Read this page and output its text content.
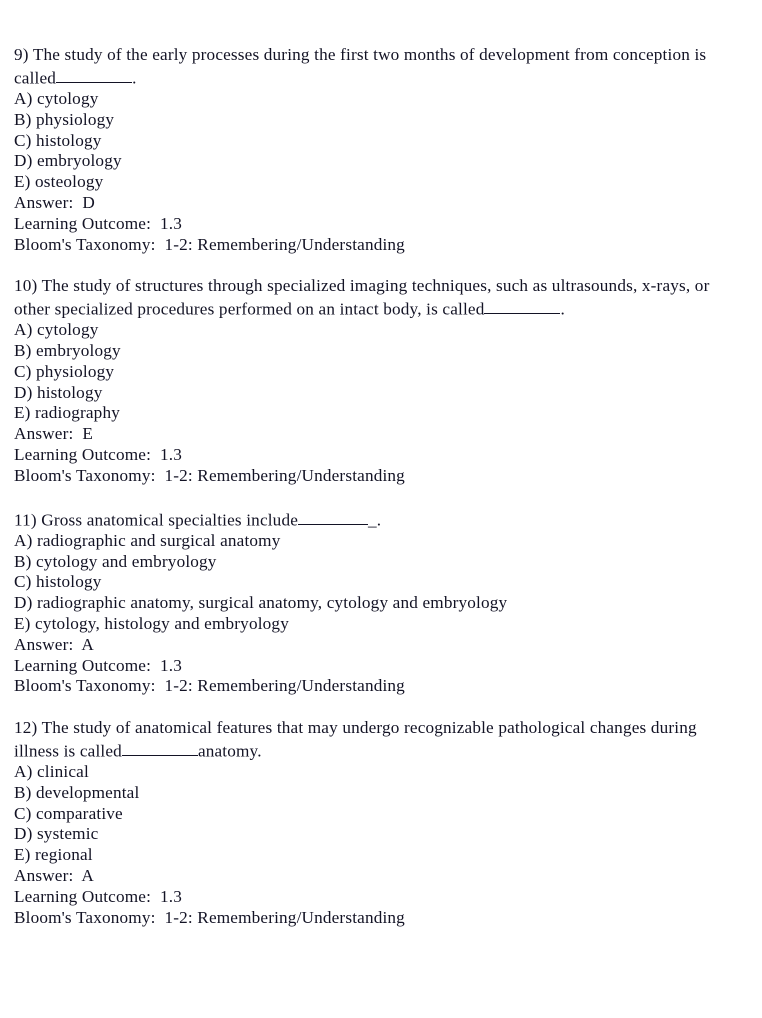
9) The study of the early processes during the first two months of development from conception is called	.
A) cytology
B) physiology
C) histology
D) embryology
E) osteology
Answer:  D
Learning Outcome:  1.3
Bloom's Taxonomy:  1-2: Remembering/Understanding
10) The study of structures through specialized imaging techniques, such as ultrasounds, x-rays, or other specialized procedures performed on an intact body, is called	.
A) cytology
B) embryology
C) physiology
D) histology
E) radiography
Answer:  E
Learning Outcome:  1.3
Bloom's Taxonomy:  1-2: Remembering/Understanding
11) Gross anatomical specialties include	_.
A) radiographic and surgical anatomy
B) cytology and embryology
C) histology
D) radiographic anatomy, surgical anatomy, cytology and embryology
E) cytology, histology and embryology
Answer:  A
Learning Outcome:  1.3
Bloom's Taxonomy:  1-2: Remembering/Understanding
12) The study of anatomical features that may undergo recognizable pathological changes during illness is called	anatomy.
A) clinical
B) developmental
C) comparative
D) systemic
E) regional
Answer:  A
Learning Outcome:  1.3
Bloom's Taxonomy:  1-2: Remembering/Understanding
